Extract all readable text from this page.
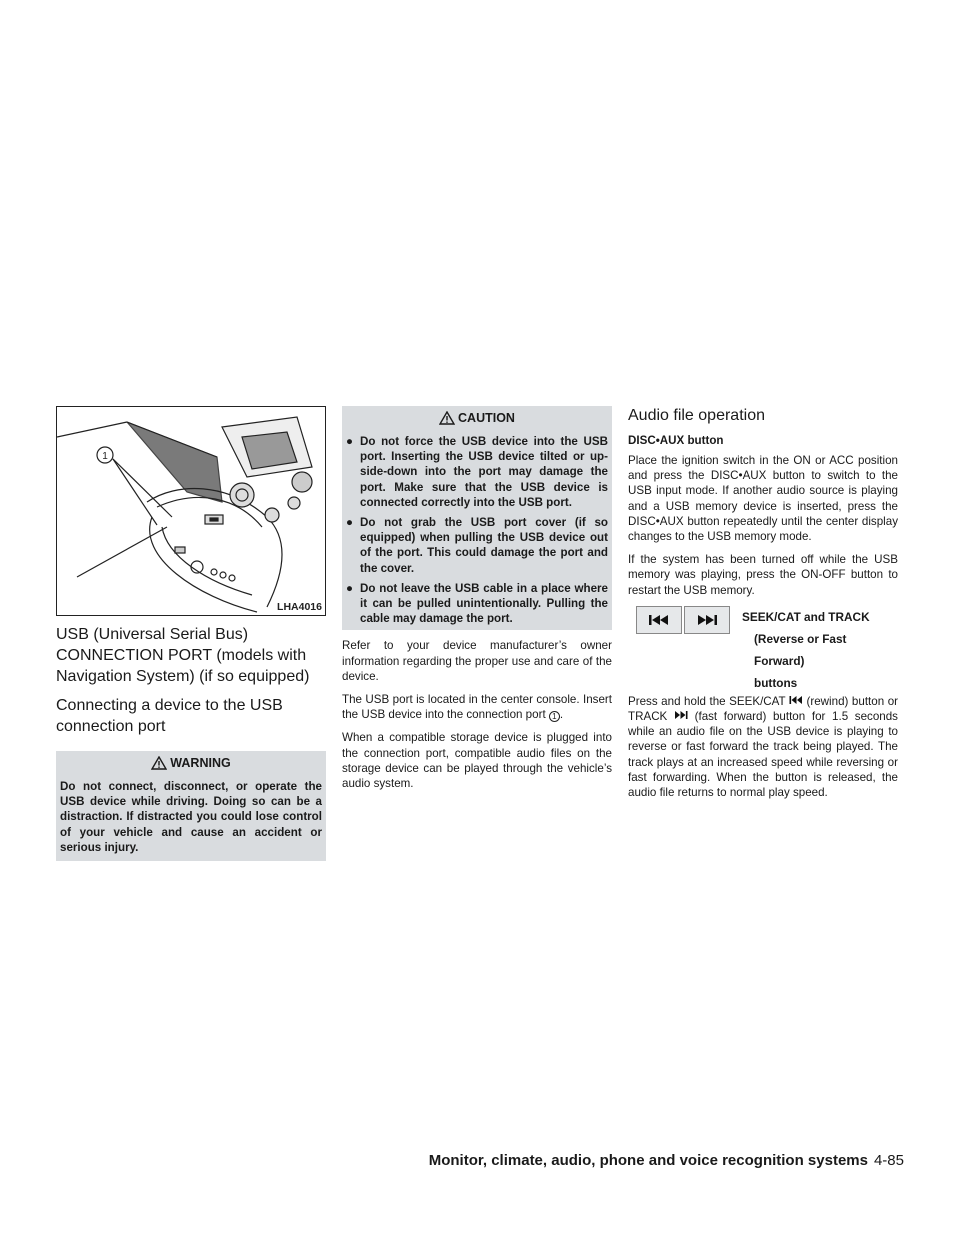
1
LHA4016
USB (Universal Serial Bus) CONNECTION PORT (models with Navigation System) (if so equipped)
Connecting a device to the USB connection port
WARNING
Do not connect, disconnect, or operate the USB device while driving. Doing so can be a distraction. If distracted you could lose control of your vehicle and cause an accident or serious injury.
CAUTION
● Do not force the USB device into the USB port. Inserting the USB device tilted or up-side-down into the port may damage the port. Make sure that the USB device is connected correctly into the USB port.
● Do not grab the USB port cover (if so equipped) when pulling the USB device out of the port. This could damage the port and the cover.
● Do not leave the USB cable in a place where it can be pulled unintentionally. Pulling the cable may damage the port.

Refer to your device manufacturer’s owner information regarding the proper use and care of the device.

The USB port is located in the center console. Insert the USB device into the connection port 1 .

When a compatible storage device is plugged into the connection port, compatible audio files on the storage device can be played through the vehicle’s audio system.

Audio file operation
DISC•AUX button

Place the ignition switch in the ON or ACC position and press the DISC•AUX button to switch to the USB input mode. If another audio source is playing and a USB memory device is inserted, press the DISC•AUX button repeatedly until the center display changes to the USB memory mode.

If the system has been turned off while the USB memory was playing, press the ON-OFF button to restart the USB memory.

SEEK/CAT and TRACK
(Reverse or Fast Forward)
buttons

Press and hold the SEEK/CAT (rewind) button or TRACK (fast forward) button for 1.5 seconds while an audio file on the USB device is playing to reverse or fast forward the track being played. The track plays at an increased speed while reversing or fast forwarding. When the button is released, the audio file returns to normal play speed.

Monitor, climate, audio, phone and voice recognition systems 4-85
